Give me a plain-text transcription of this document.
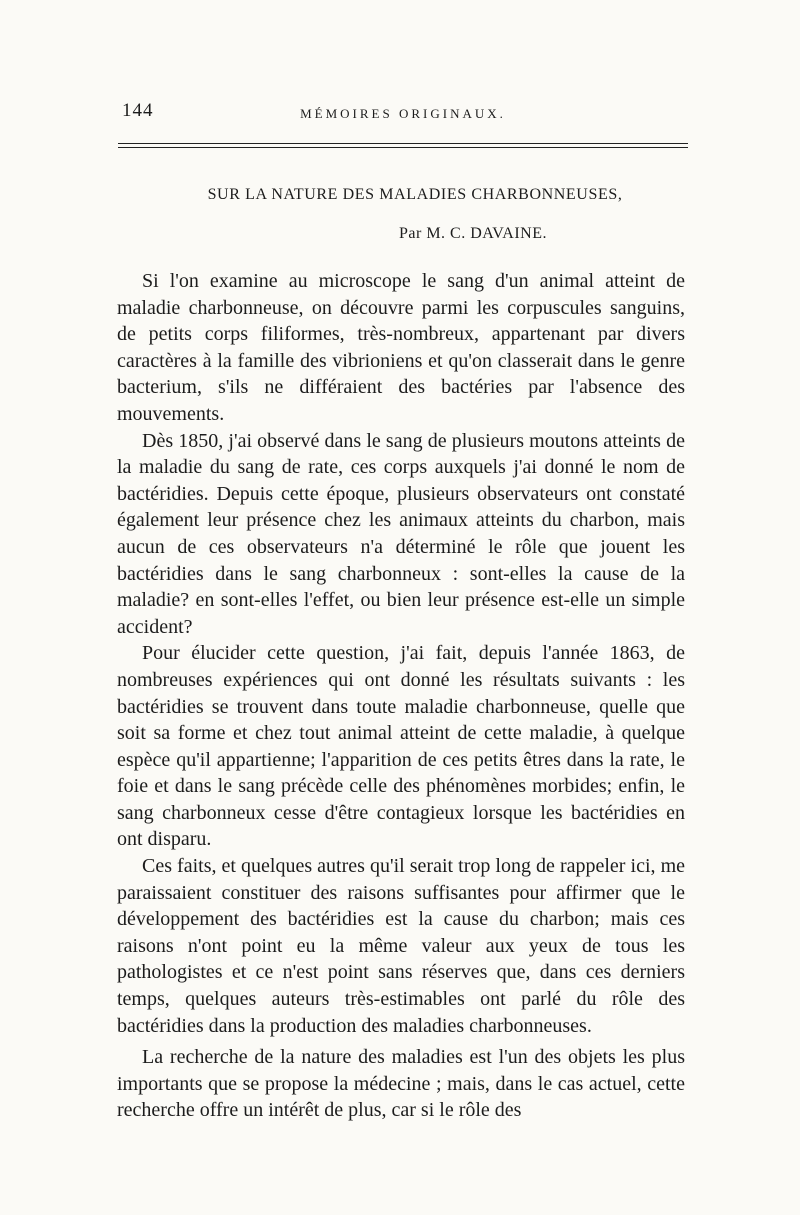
144	MÉMOIRES ORIGINAUX.
SUR LA NATURE DES MALADIES CHARBONNEUSES,
Par M. C. DAVAINE.

Si l'on examine au microscope le sang d'un animal atteint de maladie charbonneuse, on découvre parmi les corpuscules sanguins, de petits corps filiformes, très-nombreux, appartenant par divers caractères à la famille des vibrioniens et qu'on classerait dans le genre bacterium, s'ils ne différaient des bactéries par l'absence des mouvements.

Dès 1850, j'ai observé dans le sang de plusieurs moutons atteints de la maladie du sang de rate, ces corps auxquels j'ai donné le nom de bactéridies. Depuis cette époque, plusieurs observateurs ont constaté également leur présence chez les animaux atteints du charbon, mais aucun de ces observateurs n'a déterminé le rôle que jouent les bactéridies dans le sang charbonneux : sont-elles la cause de la maladie? en sont-elles l'effet, ou bien leur présence est-elle un simple accident?

Pour élucider cette question, j'ai fait, depuis l'année 1863, de nombreuses expériences qui ont donné les résultats suivants : les bactéridies se trouvent dans toute maladie charbonneuse, quelle que soit sa forme et chez tout animal atteint de cette maladie, à quelque espèce qu'il appartienne; l'apparition de ces petits êtres dans la rate, le foie et dans le sang précède celle des phénomènes morbides; enfin, le sang charbonneux cesse d'être contagieux lorsque les bactéridies en ont disparu.

Ces faits, et quelques autres qu'il serait trop long de rappeler ici, me paraissaient constituer des raisons suffisantes pour affirmer que le développement des bactéridies est la cause du charbon; mais ces raisons n'ont point eu la même valeur aux yeux de tous les pathologistes et ce n'est point sans réserves que, dans ces derniers temps, quelques auteurs très-estimables ont parlé du rôle des bactéridies dans la production des maladies charbonneuses.

La recherche de la nature des maladies est l'un des objets les plus importants que se propose la médecine ; mais, dans le cas actuel, cette recherche offre un intérêt de plus, car si le rôle des
